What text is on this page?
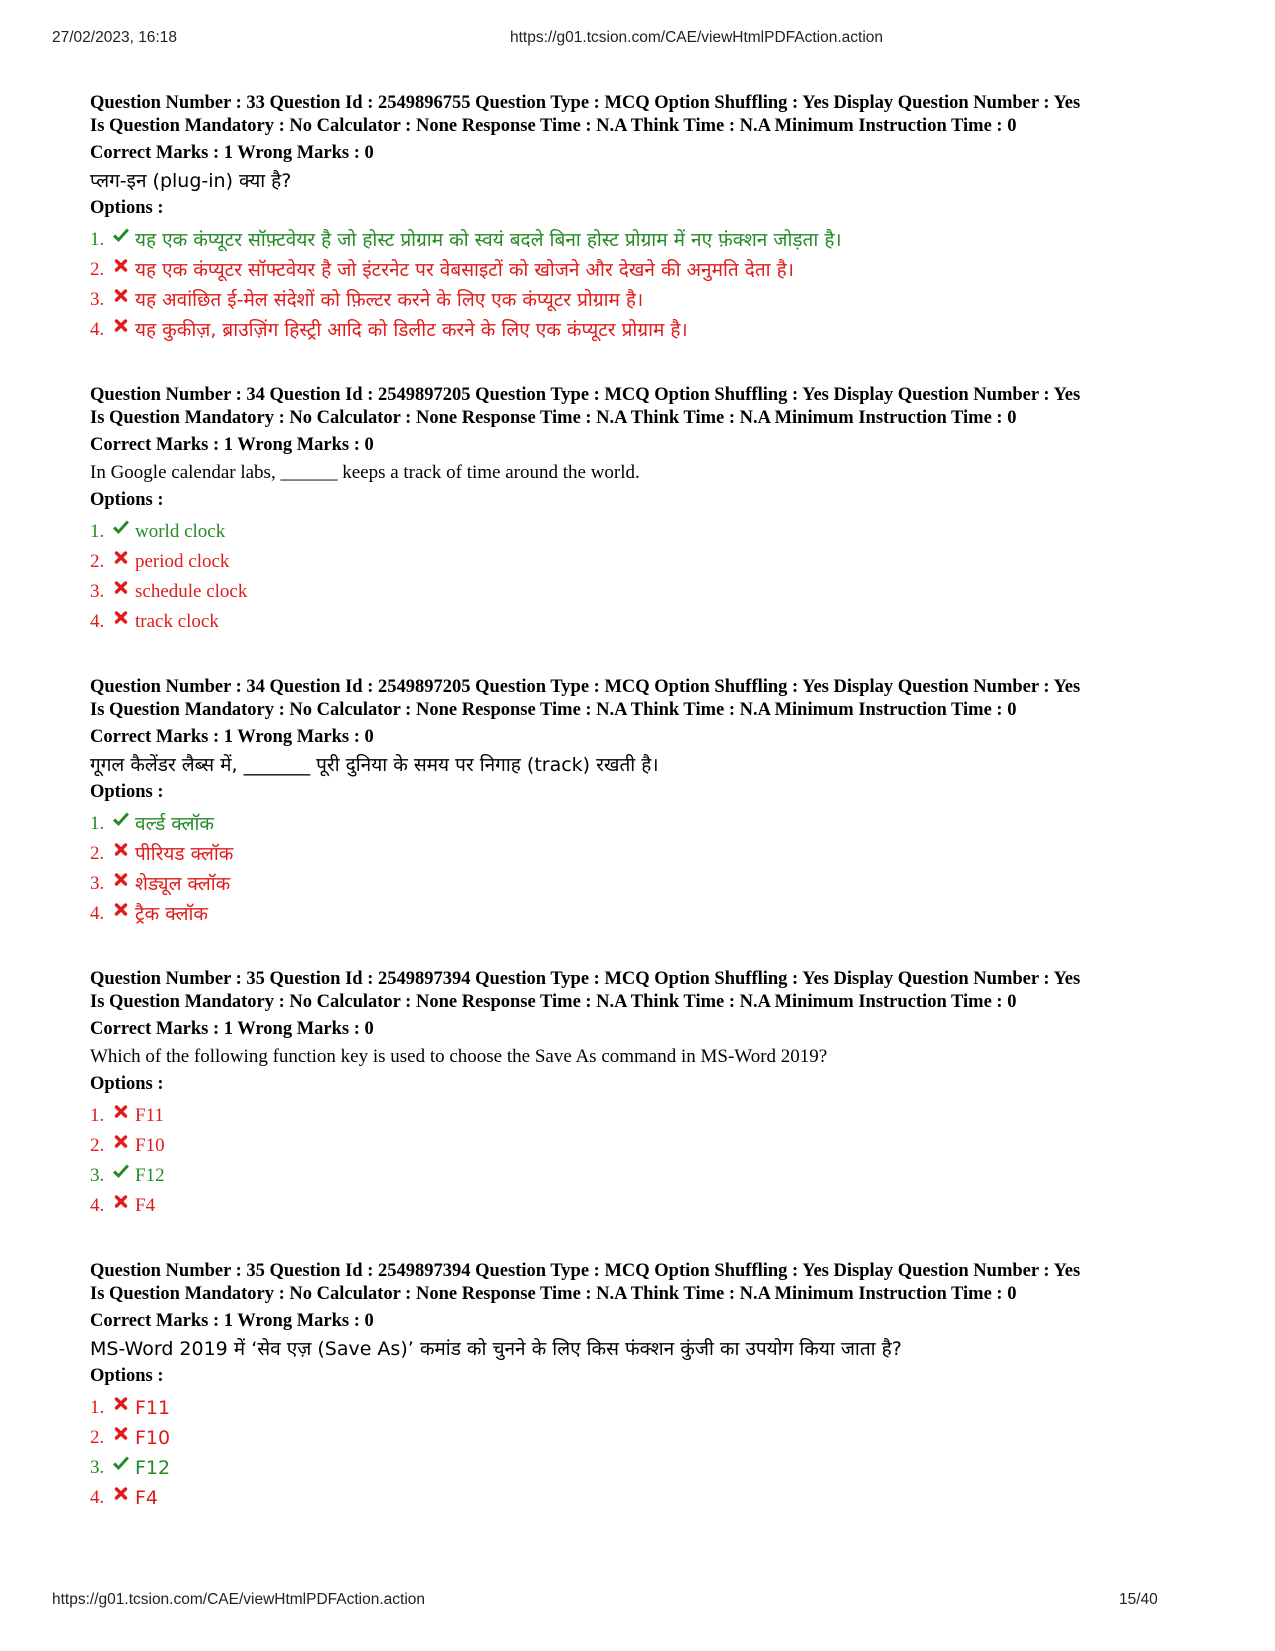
27/02/2023, 16:18	https://g01.tcsion.com/CAE/viewHtmlPDFAction.action
Question Number : 33 Question Id : 2549896755 Question Type : MCQ Option Shuffling : Yes Display Question Number : Yes
Is Question Mandatory : No Calculator : None Response Time : N.A Think Time : N.A Minimum Instruction Time : 0
Correct Marks : 1 Wrong Marks : 0
प्लग-इन (plug-in) क्या है?
Options :
1.	यह एक कंप्यूटर सॉफ़्टवेयर है जो होस्ट प्रोग्राम को स्वयं बदले बिना होस्ट प्रोग्राम में नए फ़ंक्शन जोड़ता है।
2.	यह एक कंप्यूटर सॉफ्टवेयर है जो इंटरनेट पर वेबसाइटों को खोजने और देखने की अनुमति देता है।
3.	यह अवांछित ई-मेल संदेशों को फ़िल्टर करने के लिए एक कंप्यूटर प्रोग्राम है।
4.	यह कुकीज़, ब्राउज़िंग हिस्ट्री आदि को डिलीट करने के लिए एक कंप्यूटर प्रोग्राम है।
Question Number : 34 Question Id : 2549897205 Question Type : MCQ Option Shuffling : Yes Display Question Number : Yes
Is Question Mandatory : No Calculator : None Response Time : N.A Think Time : N.A Minimum Instruction Time : 0
Correct Marks : 1 Wrong Marks : 0
In Google calendar labs, ______ keeps a track of time around the world.
Options :
1.	world clock
2.	period clock
3.	schedule clock
4.	track clock
Question Number : 34 Question Id : 2549897205 Question Type : MCQ Option Shuffling : Yes Display Question Number : Yes
Is Question Mandatory : No Calculator : None Response Time : N.A Think Time : N.A Minimum Instruction Time : 0
Correct Marks : 1 Wrong Marks : 0
गूगल कैलेंडर लैब्स में, _______ पूरी दुनिया के समय पर निगाह (track) रखती है।
Options :
1.	वर्ल्ड क्लॉक
2.	पीरियड क्लॉक
3.	शेड्यूल क्लॉक
4.	ट्रैक क्लॉक
Question Number : 35 Question Id : 2549897394 Question Type : MCQ Option Shuffling : Yes Display Question Number : Yes
Is Question Mandatory : No Calculator : None Response Time : N.A Think Time : N.A Minimum Instruction Time : 0
Correct Marks : 1 Wrong Marks : 0
Which of the following function key is used to choose the Save As command in MS-Word 2019?
Options :
1.	F11
2.	F10
3.	F12
4.	F4
Question Number : 35 Question Id : 2549897394 Question Type : MCQ Option Shuffling : Yes Display Question Number : Yes
Is Question Mandatory : No Calculator : None Response Time : N.A Think Time : N.A Minimum Instruction Time : 0
Correct Marks : 1 Wrong Marks : 0
MS-Word 2019 में ‘सेव एज़ (Save As)’ कमांड को चुनने के लिए किस फंक्शन कुंजी का उपयोग किया जाता है?
Options :
1.	F11
2.	F10
3.	F12
4.	F4
https://g01.tcsion.com/CAE/viewHtmlPDFAction.action	15/40
